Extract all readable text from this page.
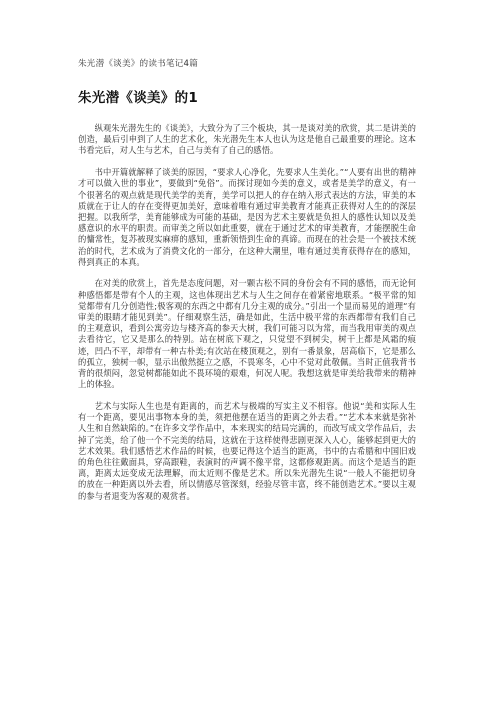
朱光潜《谈美》的读书笔记4篇
朱光潜《谈美》的1

纵观朱光潜先生的《谈美》，大致分为了三个板块，其一是谈对美的欣赏，其二是讲美的创造，最后引申到了人生的艺术化，朱光潜先生本人也认为这是他自己最重要的理论。这本书看完后，对人生与艺术，自己与美有了自己的感悟。

书中开篇就解释了谈美的原因，“要求人心净化，先要求人生美化。”“人要有出世的精神才可以做入世的事业”，要做到“免俗”。而探讨现如今美的意义，或者是美学的意义，有一个很著名的观点就是现代美学的美育，美学可以把人的存在纳入形式表达的方法，审美的本质就在于让人的存在变得更加美好，意味着唯有通过审美教育才能真正获得对人生的的深层把握。以我所学，美育能够成为可能的基础，是因为艺术主要就是负担人的感性认知以及美感意识的水平的职责。而审美之所以如此重要，就在于通过艺术的审美教育，才能摆脱生命的慵常性，复苏被现实麻痹的感知，重新领悟到生命的真谛。而现在的社会是一个被技术统治的时代，艺术成为了消费文化的一部分，在这种大潮里，唯有通过美育获得存在的感知，得到真正的本真。

在对美的欣赏上，首先是态度问题，对一颗古松不同的身份会有不同的感悟，而无论何种感悟都是带有个人的主观，这也体现出艺术与人生之间存在着紧密地联系。“极平常的知觉都带有几分创造性;极客观的东西之中都有几分主观的成分。”引出一个显而易见的道理“有审美的眼睛才能见到美”。仔细观察生活，确是如此，生活中极平常的东西都带有我们自己的主观意识，看到公寓旁边与楼齐高的参天大树，我们可能习以为常，而当我用审美的观点去看待它，它又是那么的特别。站在树底下观之，只觉望不到树尖，树干上都是风霜的痕迹，凹凸不平，却带有一种古朴美;有次站在楼顶观之，别有一番景象，居高临下，它是那么的孤立，独树一帜，显示出傲然挺立之感，不畏寒冬，心中不觉对此敬佩。当时正值我背书背的很烦闷，忽觉树都能如此不畏环境的艰难，何况人呢。我想这就是审美给我带来的精神上的体验。

艺术与实际人生也是有距离的，而艺术与极端的写实主义不相容。他说“美和实际人生有一个距离，要见出事物本身的美，须把他摆在适当的距离之外去看。”“艺术本来就是弥补人生和自然缺陷的。”在许多文学作品中，本来现实的结局完满的，而改写成文学作品后，去掉了完美，给了他一个不完美的结局，这就在于这样使得悲剧更深入人心，能够起到更大的艺术效果。我们感悟艺术作品的时候，也要记得这个适当的距离，书中的古希腊和中国旧戏的角色往往戴面具，穿高跟鞋，表演时的声调不像平常，这都修观距离。而这个是适当的距离，距离太远变成无法理解，而太近则不像是艺术。所以朱光潜先生说“一般人不能把切身的放在一种距离以外去看，所以情感尽管深刻，经验尽管丰富，终不能创造艺术。”要以主观的参与者退变为客观的观赏者。
